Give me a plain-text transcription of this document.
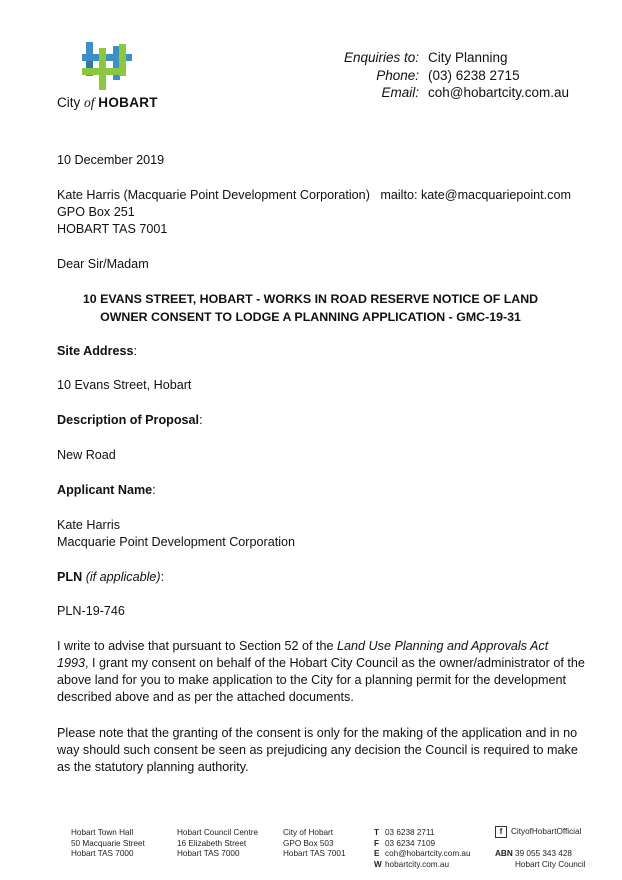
City of HOBART
Enquiries to: City Planning
Phone: (03) 6238 2715
Email: coh@hobartcity.com.au
10 December 2019
Kate Harris (Macquarie Point Development Corporation) mailto: kate@macquariepoint.com
GPO Box 251
HOBART TAS 7001
Dear Sir/Madam
10 EVANS STREET, HOBART - WORKS IN ROAD RESERVE NOTICE OF LAND
OWNER CONSENT TO LODGE A PLANNING APPLICATION - GMC-19-31
Site Address:
10 Evans Street, Hobart
Description of Proposal:
New Road
Applicant Name:
Kate Harris
Macquarie Point Development Corporation
PLN (if applicable):
PLN-19-746
I write to advise that pursuant to Section 52 of the Land Use Planning and Approvals Act
1993, I grant my consent on behalf of the Hobart City Council as the owner/administrator of the
above land for you to make application to the City for a planning permit for the development
described above and as per the attached documents.
Please note that the granting of the consent is only for the making of the application and in no
way should such consent be seen as prejudicing any decision the Council is required to make
as the statutory planning authority.
Hobart Town Hall
50 Macquarie Street
Hobart TAS 7000
Hobart Council Centre
16 Elizabeth Street
Hobart TAS 7000
City of Hobart
GPO Box 503
Hobart TAS 7001
T 03 6238 2711
F 03 6234 7109
E coh@hobartcity.com.au
W hobartcity.com.au
f CityofHobartOfficial
ABN 39 055 343 428
Hobart City Council
